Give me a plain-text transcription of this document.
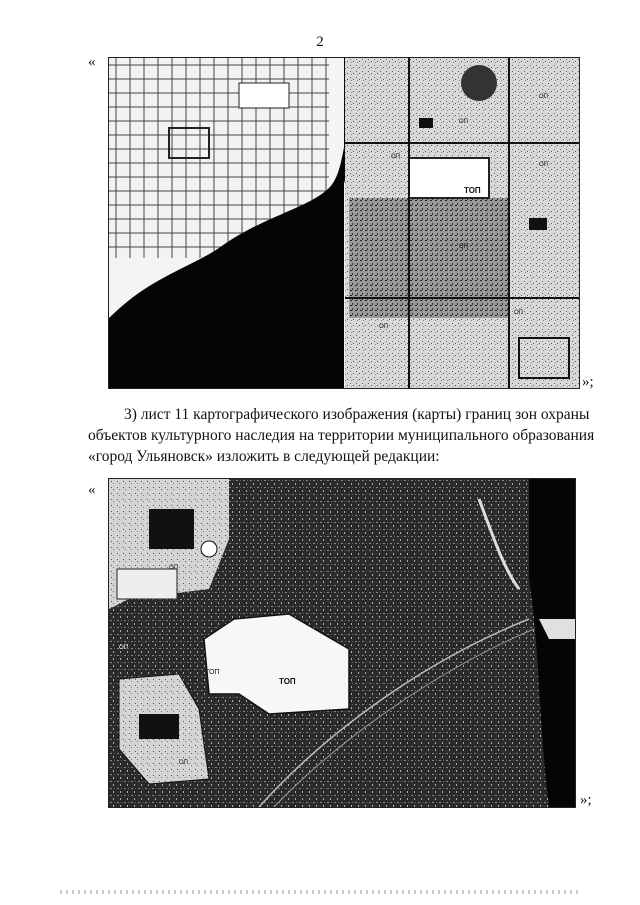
2
«
ТОП
ОП
ОП
ОП
ОП
ОП
ОП
ОП
»;
3) лист 11 картографического изображения (карты) границ зон охраны
объектов культурного наследия на территории муниципального образования
«город Ульяновск» изложить в следующей редакции:
«
ТОП
ТОП
ОП
ОП
ОП
ОП
»;
